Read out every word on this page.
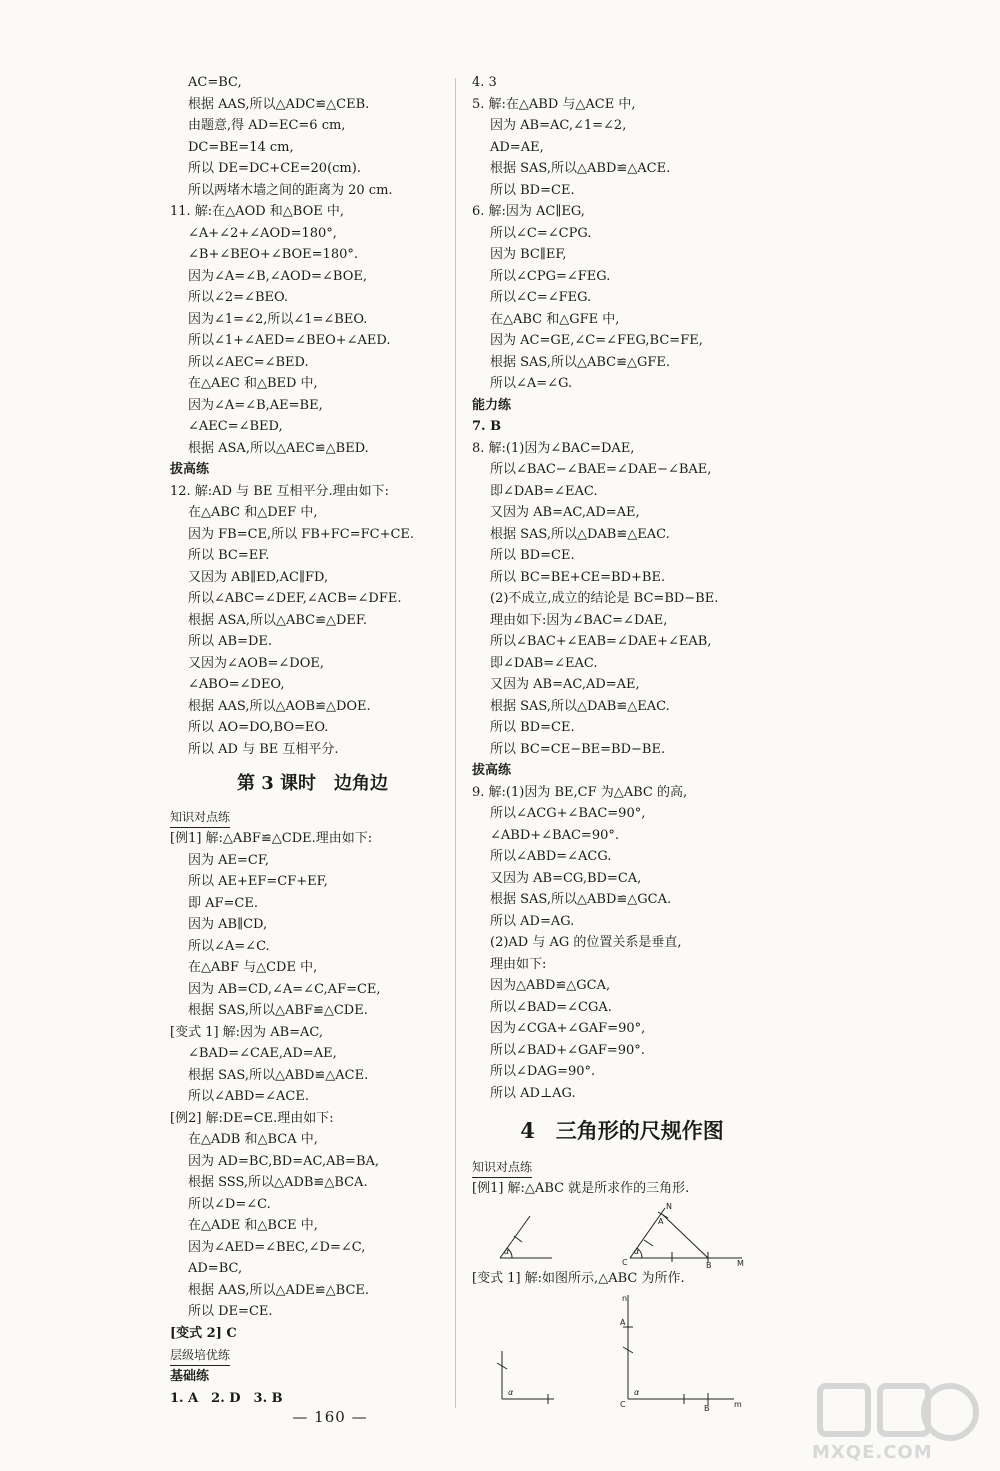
AC=BC,
根据 AAS,所以△ADC≌△CEB.
由题意,得 AD=EC=6 cm,
DC=BE=14 cm,
所以 DE=DC+CE=20(cm).
所以两堵木墙之间的距离为 20 cm.
11. 解:在△AOD 和△BOE 中,
∠A+∠2+∠AOD=180°,
∠B+∠BEO+∠BOE=180°.
因为∠A=∠B,∠AOD=∠BOE,
所以∠2=∠BEO.
因为∠1=∠2,所以∠1=∠BEO.
所以∠1+∠AED=∠BEO+∠AED.
所以∠AEC=∠BED.
在△AEC 和△BED 中,
因为∠A=∠B,AE=BE,
∠AEC=∠BED,
根据 ASA,所以△AEC≌△BED.
拔高练
12. 解:AD 与 BE 互相平分.理由如下:
在△ABC 和△DEF 中,
因为 FB=CE,所以 FB+FC=FC+CE.
所以 BC=EF.
又因为 AB∥ED,AC∥FD,
所以∠ABC=∠DEF,∠ACB=∠DFE.
根据 ASA,所以△ABC≌△DEF.
所以 AB=DE.
又因为∠AOB=∠DOE,
∠ABO=∠DEO,
根据 AAS,所以△AOB≌△DOE.
所以 AO=DO,BO=EO.
所以 AD 与 BE 互相平分.
第 3 课时　边角边
知识对点练
[例1] 解:△ABF≌△CDE.理由如下:
因为 AE=CF,
所以 AE+EF=CF+EF,
即 AF=CE.
因为 AB∥CD,
所以∠A=∠C.
在△ABF 与△CDE 中,
因为 AB=CD,∠A=∠C,AF=CE,
根据 SAS,所以△ABF≌△CDE.
[变式 1] 解:因为 AB=AC,
∠BAD=∠CAE,AD=AE,
根据 SAS,所以△ABD≌△ACE.
所以∠ABD=∠ACE.
[例2] 解:DE=CE.理由如下:
在△ADB 和△BCA 中,
因为 AD=BC,BD=AC,AB=BA,
根据 SSS,所以△ADB≌△BCA.
所以∠D=∠C.
在△ADE 和△BCE 中,
因为∠AED=∠BEC,∠D=∠C,
AD=BC,
根据 AAS,所以△ADE≌△BCE.
所以 DE=CE.
[变式 2] C
层级培优练
基础练
1. A　2. D　3. B
4. 3
5. 解:在△ABD 与△ACE 中,
因为 AB=AC,∠1=∠2,
AD=AE,
根据 SAS,所以△ABD≌△ACE.
所以 BD=CE.
6. 解:因为 AC∥EG,
所以∠C=∠CPG.
因为 BC∥EF,
所以∠CPG=∠FEG.
所以∠C=∠FEG.
在△ABC 和△GFE 中,
因为 AC=GE,∠C=∠FEG,BC=FE,
根据 SAS,所以△ABC≌△GFE.
所以∠A=∠G.
能力练
7. B
8. 解:(1)因为∠BAC=DAE,
所以∠BAC−∠BAE=∠DAE−∠BAE,
即∠DAB=∠EAC.
又因为 AB=AC,AD=AE,
根据 SAS,所以△DAB≌△EAC.
所以 BD=CE.
所以 BC=BE+CE=BD+BE.
(2)不成立,成立的结论是 BC=BD−BE.
理由如下:因为∠BAC=∠DAE,
所以∠BAC+∠EAB=∠DAE+∠EAB,
即∠DAB=∠EAC.
又因为 AB=AC,AD=AE,
根据 SAS,所以△DAB≌△EAC.
所以 BD=CE.
所以 BC=CE−BE=BD−BE.
拔高练
9. 解:(1)因为 BE,CF 为△ABC 的高,
所以∠ACG+∠BAC=90°,
∠ABD+∠BAC=90°.
所以∠ABD=∠ACG.
又因为 AB=CG,BD=CA,
根据 SAS,所以△ABD≌△GCA.
所以 AD=AG.
(2)AD 与 AG 的位置关系是垂直,
理由如下:
因为△ABD≌△GCA,
所以∠BAD=∠CGA.
因为∠CGA+∠GAF=90°,
所以∠BAD+∠GAF=90°.
所以∠DAG=90°.
所以 AD⊥AG.
4　三角形的尺规作图
知识对点练
[例1] 解:△ABC 就是所求作的三角形.
α	α
C
N
A
B	M
[变式 1] 解:如图所示,△ABC 为所作.
α	α
C
n
A
B	m
— 160 —
MXQE.COM
